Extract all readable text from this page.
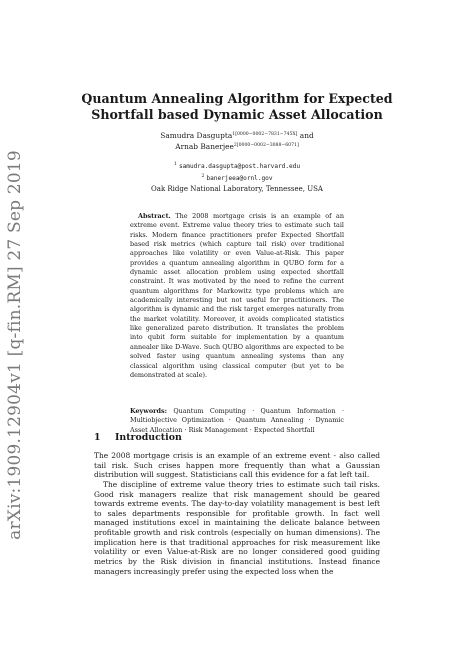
arXiv:1909.12904v1 [q-fin.RM] 27 Sep 2019
Quantum Annealing Algorithm for Expected
Shortfall based Dynamic Asset Allocation
Samudra Dasgupta$^{1[0000-0002-7831-745X]}$ and
Arnab Banerjee$^{2[0000-0002-3088-6071]}$
$^1$ samudra.dasgupta@post.harvard.edu
$^2$ banerjeea@ornl.gov
Oak Ridge National Laboratory, Tennessee, USA
Abstract. The 2008 mortgage crisis is an example of an extreme event. Extreme value theory tries to estimate such tail risks. Modern finance practitioners prefer Expected Shortfall based risk metrics (which capture tail risk) over traditional approaches like volatility or even Value-at-Risk. This paper provides a quantum annealing algorithm in QUBO form for a dynamic asset allocation problem using expected shortfall constraint. It was motivated by the need to refine the current quantum algorithms for Markowitz type problems which are academically interesting but not useful for practitioners. The algorithm is dynamic and the risk target emerges naturally from the market volatility. Moreover, it avoids complicated statistics like generalized pareto distribution. It translates the problem into qubit form suitable for implementation by a quantum annealer like D-Wave. Such QUBO algorithms are expected to be solved faster using quantum annealing systems than any classical algorithm using classical computer (but yet to be demonstrated at scale).
Keywords: Quantum Computing · Quantum Information · Multiobjective Optimization · Quantum Annealing · Dynamic Asset Allocation · Risk Management · Expected Shortfall
1 Introduction

The 2008 mortgage crisis is an example of an extreme event - also called tail risk. Such crises happen more frequently than what a Gaussian distribution will suggest. Statisticians call this evidence for a fat left tail.

The discipline of extreme value theory tries to estimate such tail risks. Good risk managers realize that risk management should be geared towards extreme events. The day-to-day volatility management is best left to sales departments responsible for profitable growth. In fact well managed institutions excel in maintaining the delicate balance between profitable growth and risk controls (especially on human dimensions). The implication here is that traditional approaches for risk measurement like volatility or even Value-at-Risk are no longer considered good guiding metrics by the Risk division in financial institutions. Instead finance managers increasingly prefer using the expected loss when the
